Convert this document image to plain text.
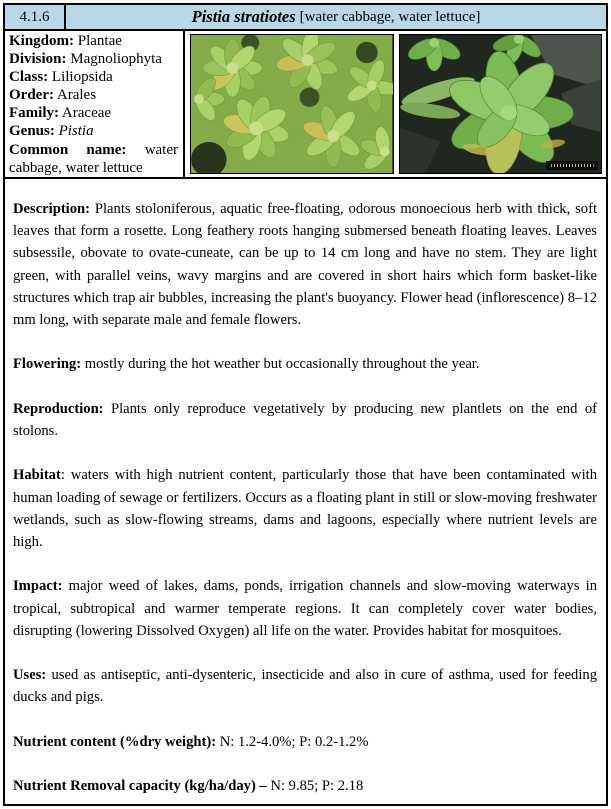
4.1.6	Pistia stratiotes [water cabbage, water lettuce]
Kingdom: Plantae
Division: Magnoliophyta
Class: Liliopsida
Order: Arales
Family: Araceae
Genus: Pistia
Common name: water cabbage, water lettuce

Description: Plants stoloniferous, aquatic free-floating, odorous monoecious herb with thick, soft leaves that form a rosette. Long feathery roots hanging submersed beneath floating leaves. Leaves subsessile, obovate to ovate-cuneate, can be up to 14 cm long and have no stem. They are light green, with parallel veins, wavy margins and are covered in short hairs which form basket-like structures which trap air bubbles, increasing the plant's buoyancy. Flower head (inflorescence) 8–12 mm long, with separate male and female flowers.

Flowering: mostly during the hot weather but occasionally throughout the year.

Reproduction: Plants only reproduce vegetatively by producing new plantlets on the end of stolons.

Habitat: waters with high nutrient content, particularly those that have been contaminated with human loading of sewage or fertilizers. Occurs as a floating plant in still or slow-moving freshwater wetlands, such as slow-flowing streams, dams and lagoons, especially where nutrient levels are high.

Impact: major weed of lakes, dams, ponds, irrigation channels and slow-moving waterways in tropical, subtropical and warmer temperate regions. It can completely cover water bodies, disrupting (lowering Dissolved Oxygen) all life on the water. Provides habitat for mosquitoes.

Uses: used as antiseptic, anti-dysenteric, insecticide and also in cure of asthma, used for feeding ducks and pigs.

Nutrient content (%dry weight): N: 1.2-4.0%; P: 0.2-1.2%

Nutrient Removal capacity (kg/ha/day) – N: 9.85; P: 2.18
